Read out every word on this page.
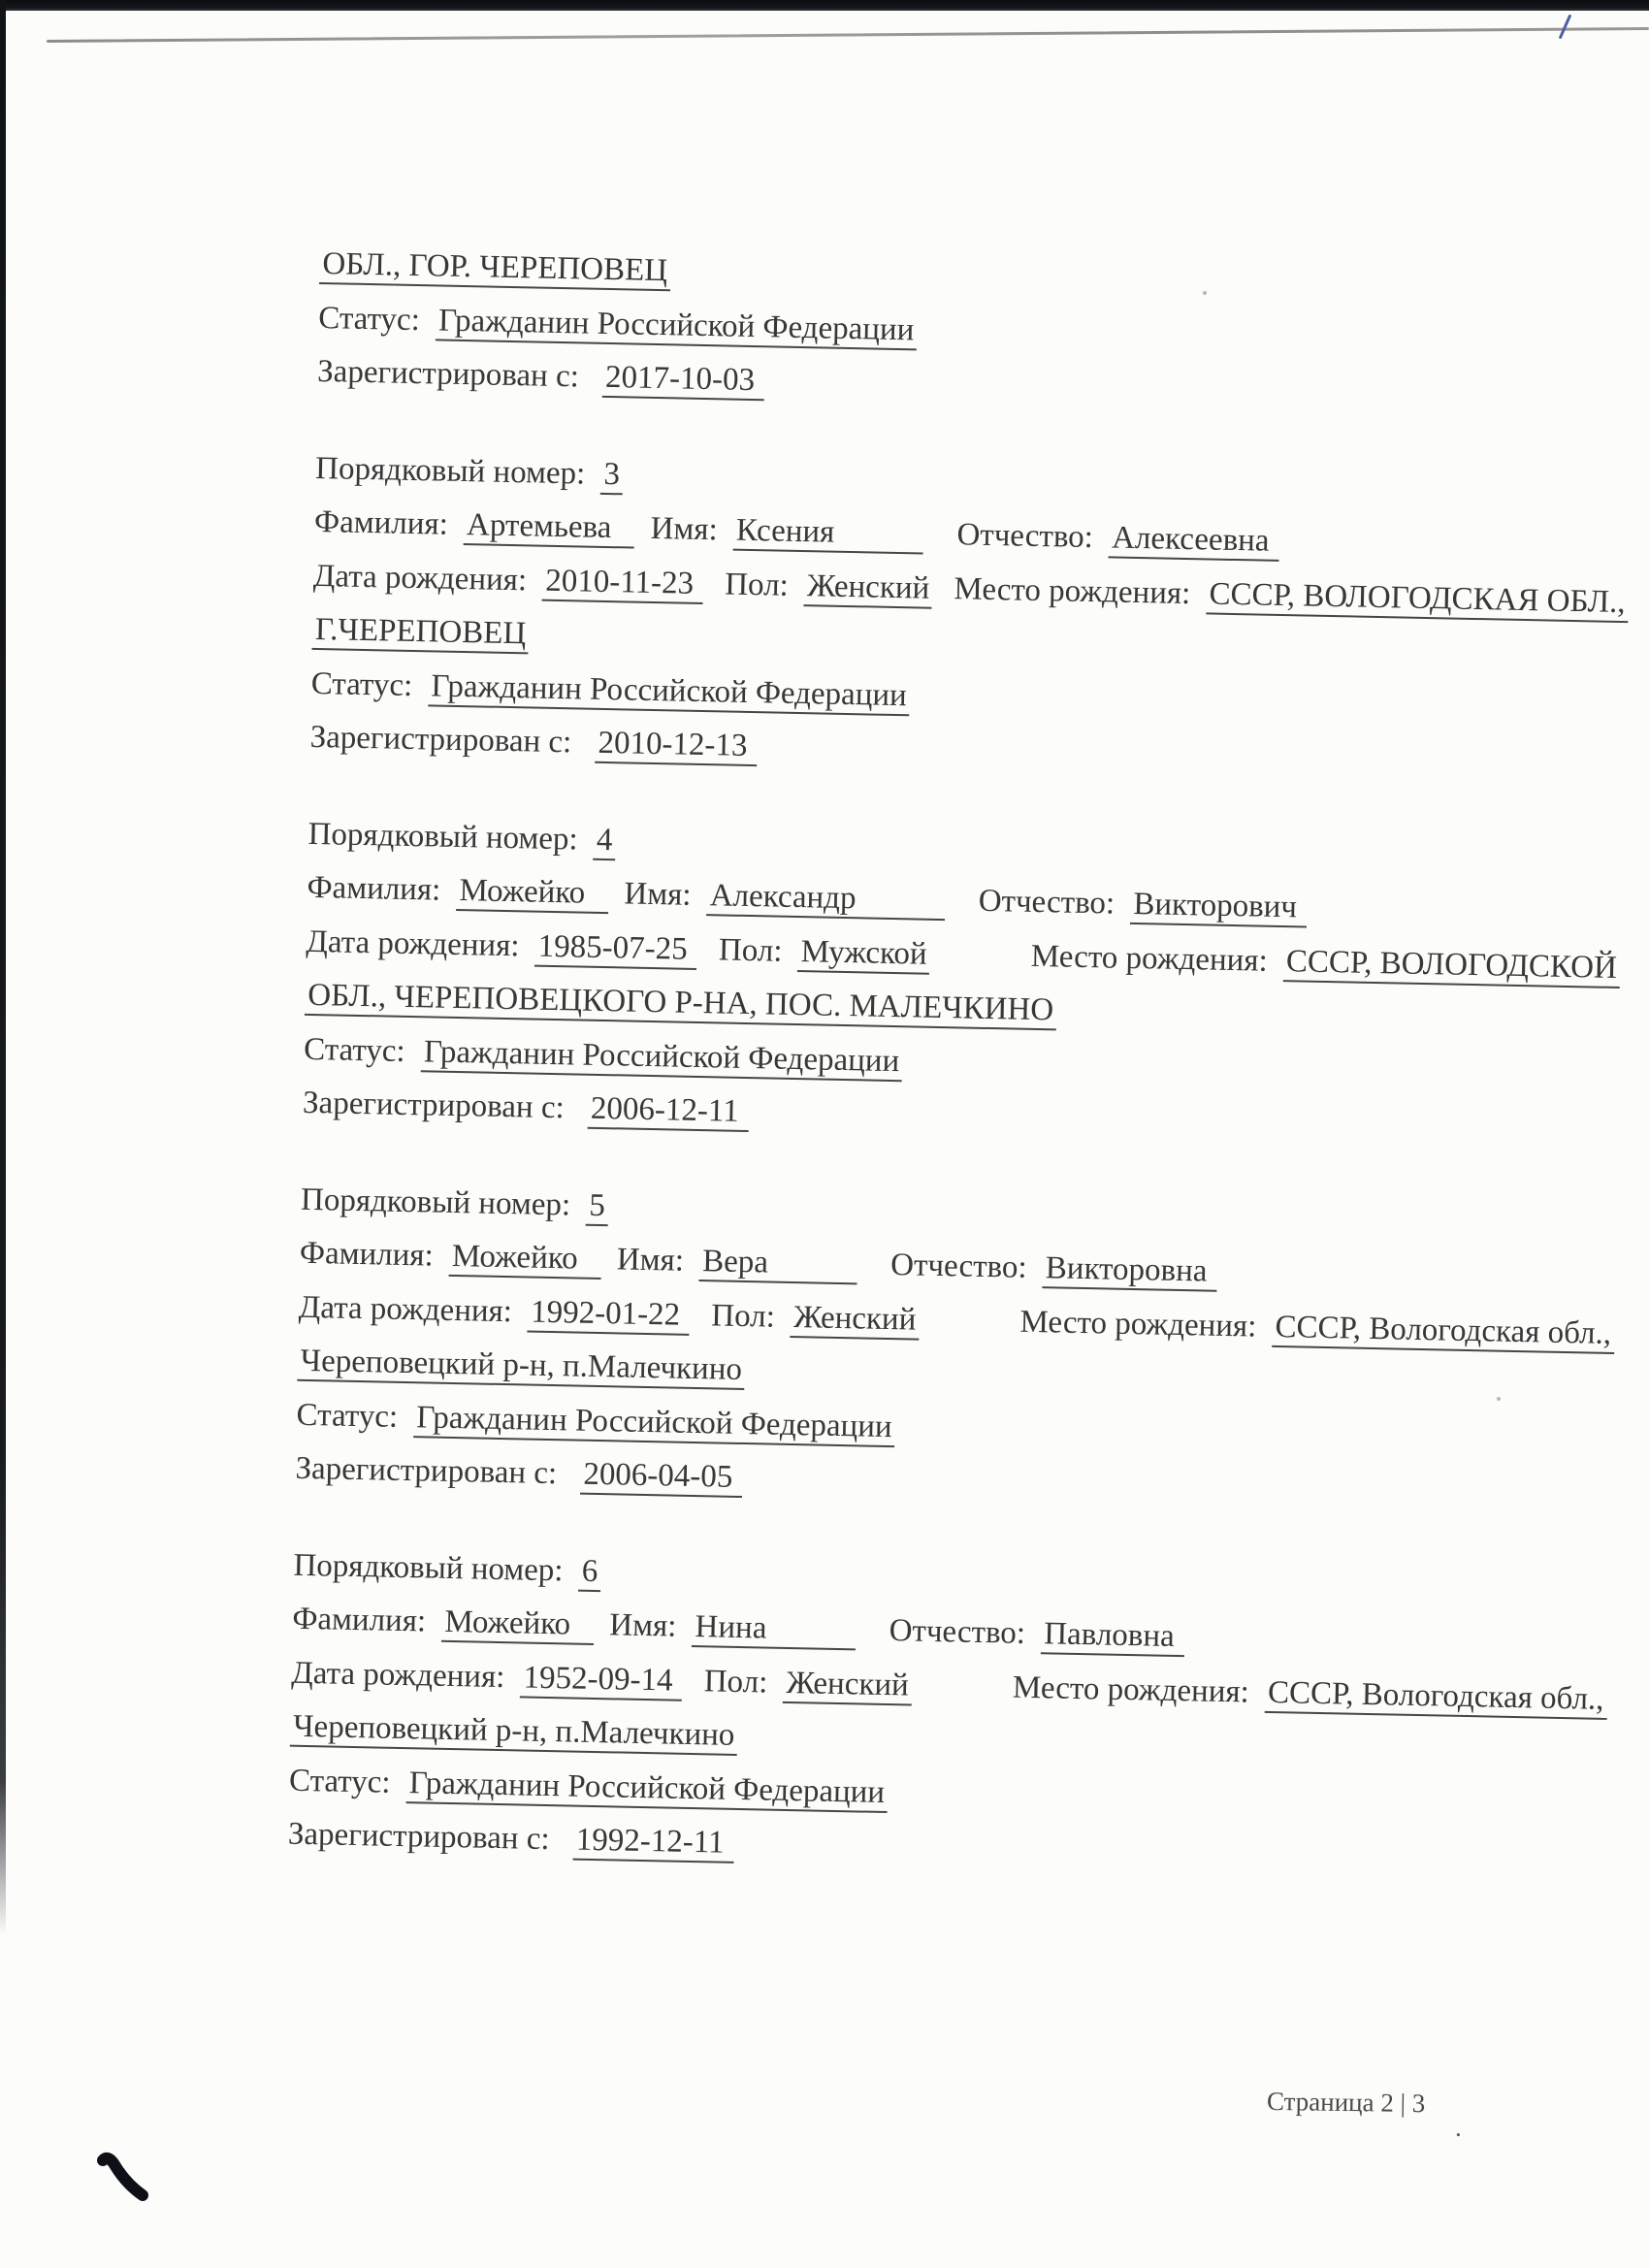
ОБЛ., ГОР. ЧЕРЕПОВЕЦ
Статус: Гражданин Российской Федерации
Зарегистрирован с: 2017-10-03
Порядковый номер: 3
Фамилия: Артемьева Имя: Ксения	Отчество: Алексеевна
Дата рождения: 2010-11-23 Пол: Женский Место рождения: СССР, ВОЛОГОДСКАЯ ОБЛ.,
Г.ЧЕРЕПОВЕЦ
Статус: Гражданин Российской Федерации
Зарегистрирован с: 2010-12-13
Порядковый номер: 4
Фамилия: Можейко Имя: Александр	Отчество: Викторович
Дата рождения: 1985-07-25 Пол: Мужской	Место рождения: СССР, ВОЛОГОДСКОЙ
ОБЛ., ЧЕРЕПОВЕЦКОГО Р-НА, ПОС. МАЛЕЧКИНО
Статус: Гражданин Российской Федерации
Зарегистрирован с: 2006-12-11
Порядковый номер: 5
Фамилия: Можейко Имя: Вера	Отчество: Викторовна
Дата рождения: 1992-01-22 Пол: Женский	Место рождения: СССР, Вологодская обл.,
Череповецкий р-н, п.Малечкино
Статус: Гражданин Российской Федерации
Зарегистрирован с: 2006-04-05
Порядковый номер: 6
Фамилия: Можейко Имя: Нина	Отчество: Павловна
Дата рождения: 1952-09-14 Пол: Женский	Место рождения: СССР, Вологодская обл.,
Череповецкий р-н, п.Малечкино
Статус: Гражданин Российской Федерации
Зарегистрирован с: 1992-12-11
Страница 2 | 3
.
